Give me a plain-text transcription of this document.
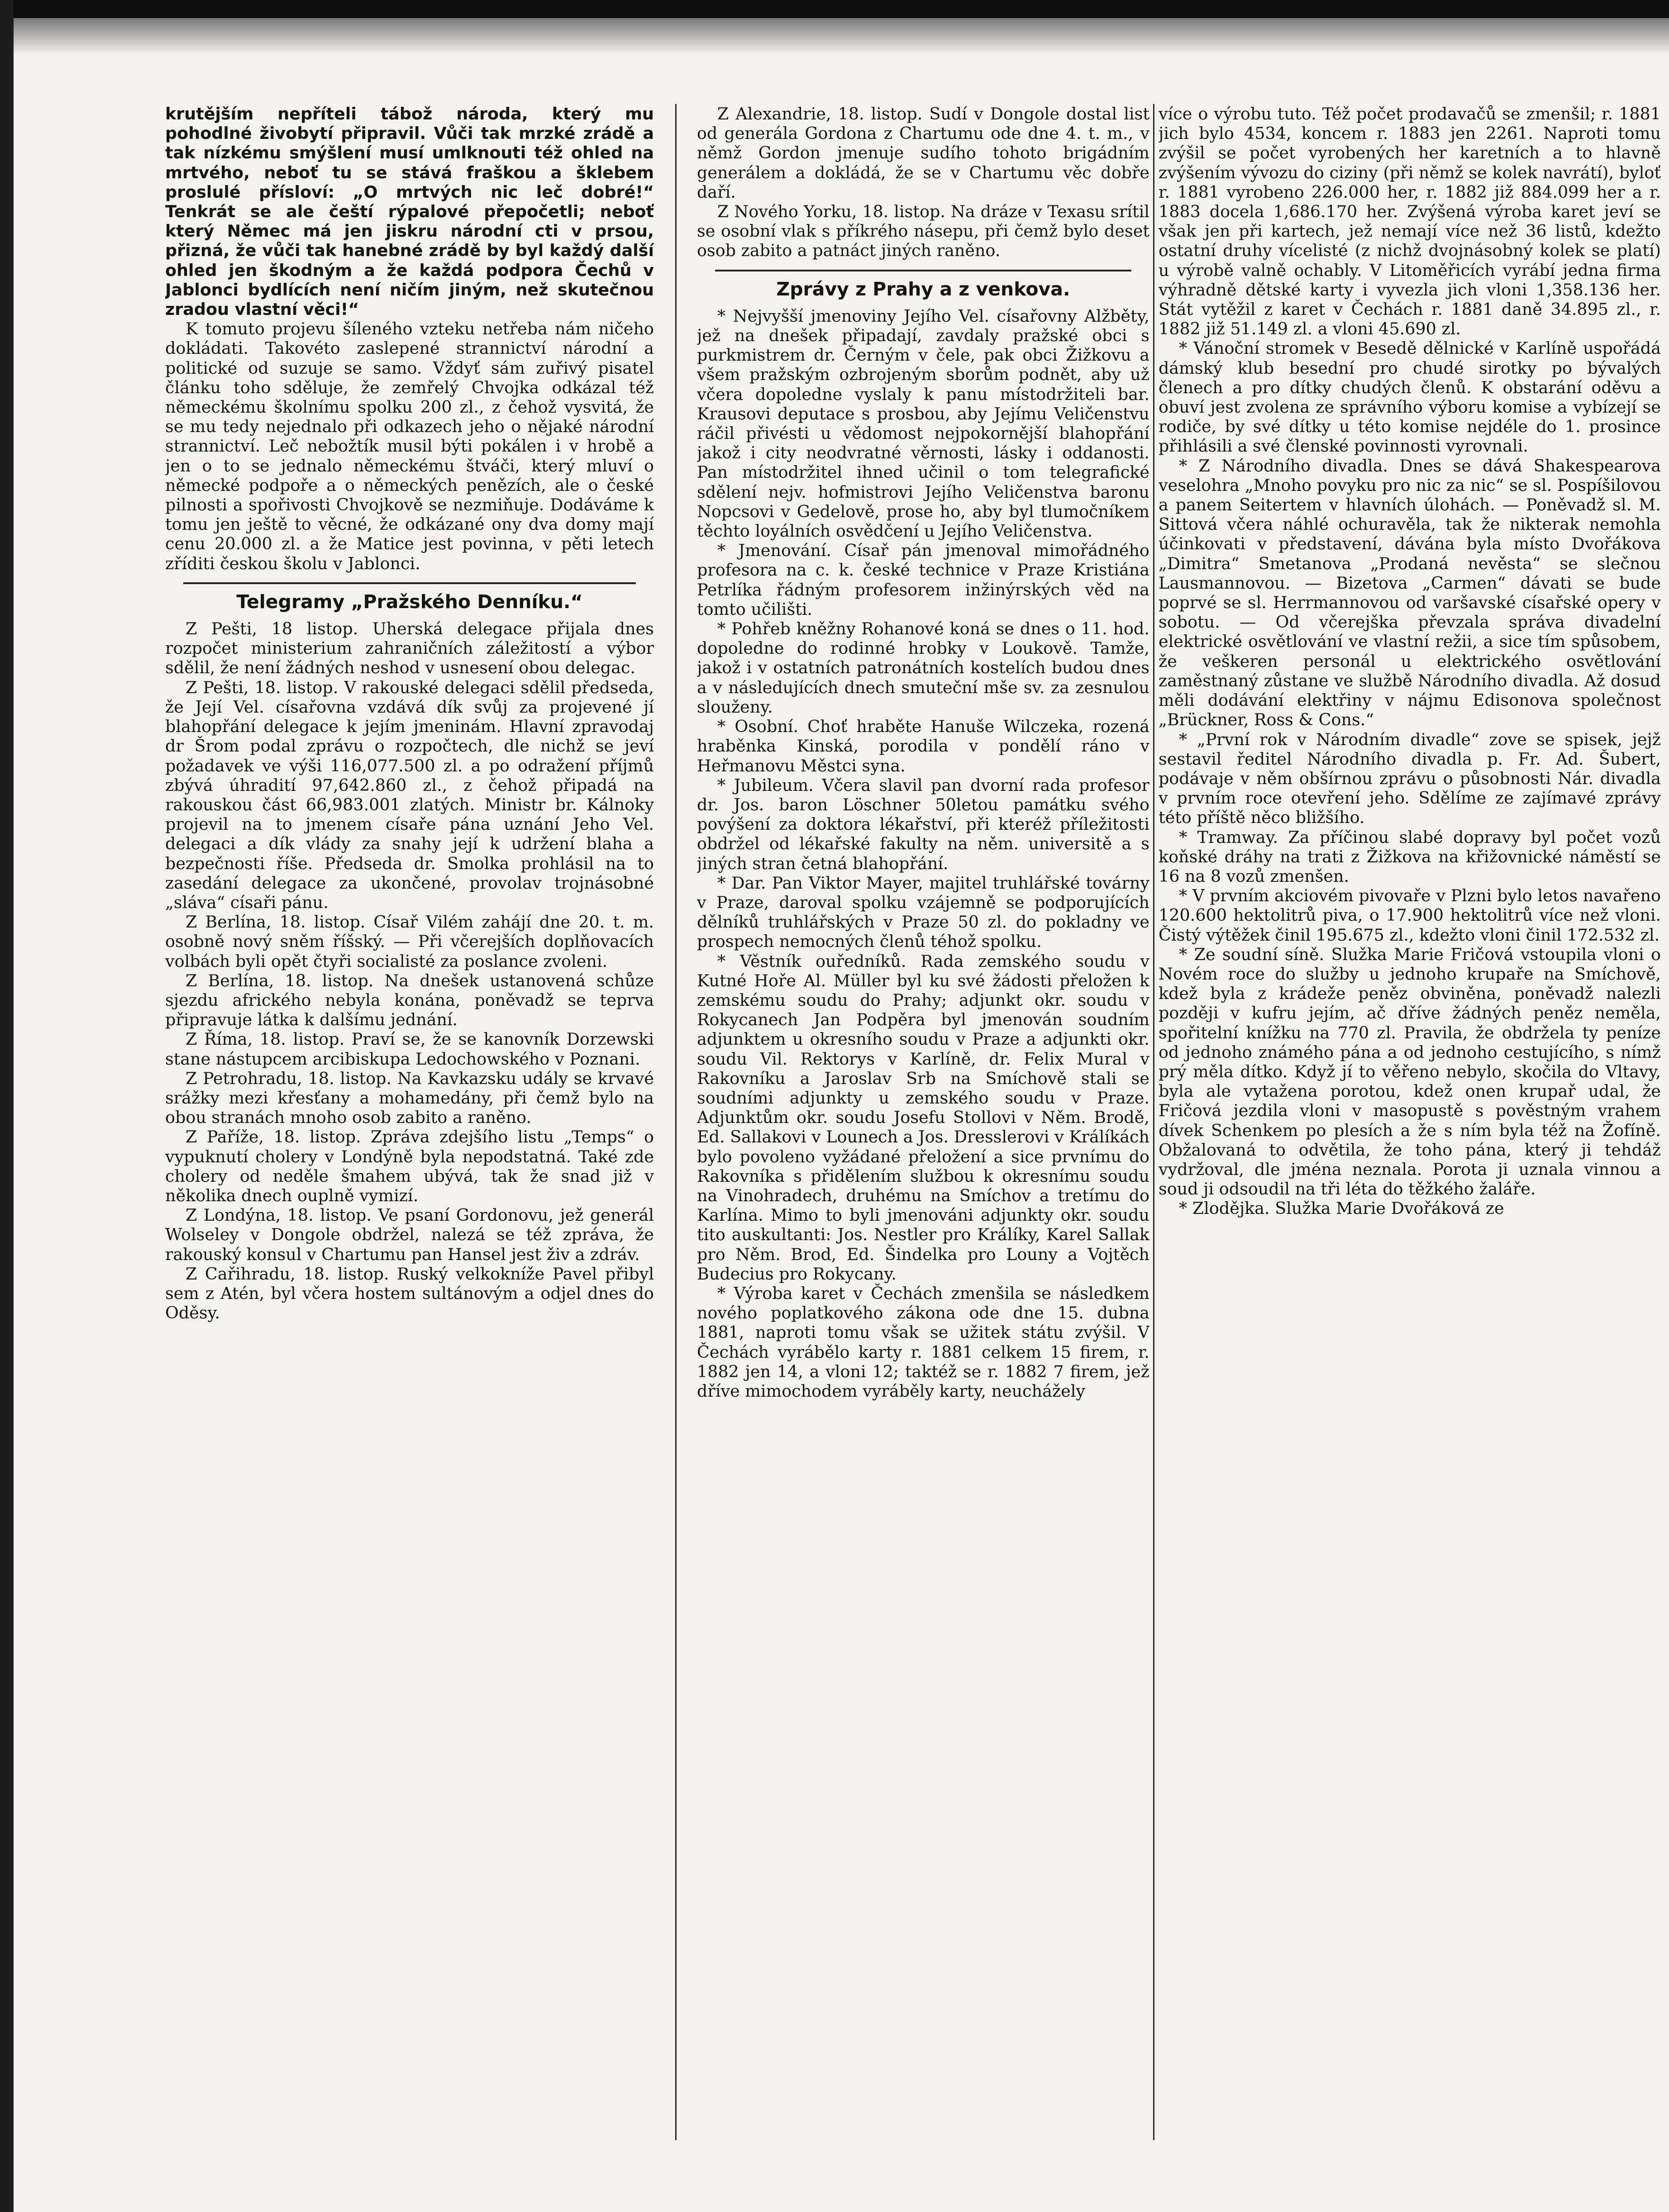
krutějším nepříteli tábož národa, který mu pohodlné živobytí připravil. Vůči tak mrzké zrádě a tak nízkému smýšlení musí umlknouti též ohled na mrtvého, neboť tu se stává fraškou a šklebem proslulé přísloví: „O mrtvých nic leč dobré!“ Tenkrát se ale čeští rýpalové přepočetli; neboť který Němec má jen jiskru národní cti v prsou, přizná, že vůči tak hanebné zrádě by byl každý další ohled jen škodným a že každá podpora Čechů v Jablonci bydlících není ničím jiným, než skutečnou zradou vlastní věci!“

K tomuto projevu šíleného vzteku netřeba nám ničeho dokládati. Takovéto zaslepené strannictví národní a politické od suzuje se samo. Vždyť sám zuřivý pisatel článku toho sděluje, že zemřelý Chvojka odkázal též německému školnímu spolku 200 zl., z čehož vysvitá, že se mu tedy nejednalo při odkazech jeho o nějaké národní strannictví. Leč nebožtík musil býti pokálen i v hrobě a jen o to se jednalo německému štváči, který mluví o německé podpoře a o německých penězích, ale o české pilnosti a spořivosti Chvojkově se nezmiňuje. Dodáváme k tomu jen ještě to věcné, že odkázané ony dva domy mají cenu 20.000 zl. a že Matice jest povinna, v pěti letech zříditi českou školu v Jablonci.

Telegramy „Pražského Denníku.“

Z Pešti, 18 listop. Uherská delegace přijala dnes rozpočet ministerium zahraničních záležitostí a výbor sdělil, že není žádných neshod v usnesení obou delegac.

Z Pešti, 18. listop. V rakouské delegaci sdělil předseda, že Její Vel. císařovna vzdává dík svůj za projevené jí blahopřání delegace k jejím jmeninám. Hlavní zpravodaj dr Šrom podal zprávu o rozpočtech, dle nichž se jeví požadavek ve výši 116,077.500 zl. a po odražení příjmů zbývá úhradití 97,642.860 zl., z čehož připadá na rakouskou část 66,983.001 zlatých. Ministr br. Kálnoky projevil na to jmenem císaře pána uznání Jeho Vel. delegaci a dík vlády za snahy její k udržení blaha a bezpečnosti říše. Předseda dr. Smolka prohlásil na to zasedání delegace za ukončené, provolav trojnásobné „sláva“ císaři pánu.

Z Berlína, 18. listop. Císař Vilém zahájí dne 20. t. m. osobně nový sněm říšský. — Při včerejších doplňovacích volbách byli opět čtyři socialisté za poslance zvoleni.

Z Berlína, 18. listop. Na dnešek ustanovená schůze sjezdu afrického nebyla konána, poněvadž se teprva připravuje látka k dalšímu jednání.

Z Říma, 18. listop. Praví se, že se kanovník Dorzewski stane nástupcem arcibiskupa Ledochowského v Poznani.

Z Petrohradu, 18. listop. Na Kavkazsku udály se krvavé srážky mezi křesťany a mohamedány, při čemž bylo na obou stranách mnoho osob zabito a raněno.

Z Paříže, 18. listop. Zpráva zdejšího listu „Temps“ o vypuknutí cholery v Londýně byla nepodstatná. Také zde cholery od neděle šmahem ubývá, tak že snad již v několika dnech ouplně vymizí.

Z Londýna, 18. listop. Ve psaní Gordonovu, jež generál Wolseley v Dongole obdržel, nalezá se též zpráva, že rakouský konsul v Chartumu pan Hansel jest živ a zdráv.

Z Cařihradu, 18. listop. Ruský velkokníže Pavel přibyl sem z Atén, byl včera hostem sultánovým a odjel dnes do Oděsy.

Z Alexandrie, 18. listop. Sudí v Dongole dostal list od generála Gordona z Chartumu ode dne 4. t. m., v němž Gordon jmenuje sudího tohoto brigádním generálem a dokládá, že se v Chartumu věc dobře daří.

Z Nového Yorku, 18. listop. Na dráze v Texasu srítil se osobní vlak s příkrého násepu, při čemž bylo deset osob zabito a patnáct jiných raněno.

Zprávy z Prahy a z venkova.

* Nejvyšší jmenoviny Jejího Vel. císařovny Alžběty, jež na dnešek připadají, zavdaly pražské obci s purkmistrem dr. Černým v čele, pak obci Žižkovu a všem pražským ozbrojeným sborům podnět, aby už včera dopoledne vyslaly k panu místodržiteli bar. Krausovi deputace s prosbou, aby Jejímu Veličenstvu ráčil přivésti u vědomost nejpokornější blahopřání jakož i city neodvratné věrnosti, lásky i oddanosti. Pan místodržitel ihned učinil o tom telegrafické sdělení nejv. hofmistrovi Jejího Veličenstva baronu Nopcsovi v Gedelově, prose ho, aby byl tlumočníkem těchto loyálních osvědčení u Jejího Veličenstva.

* Jmenování. Císař pán jmenoval mimořádného profesora na c. k. české technice v Praze Kristiána Petrlíka řádným profesorem inžinýrských věd na tomto učilišti.

* Pohřeb kněžny Rohanové koná se dnes o 11. hod. dopoledne do rodinné hrobky v Loukově. Tamže, jakož i v ostatních patronátních kostelích budou dnes a v následujících dnech smuteční mše sv. za zesnulou slouženy.

* Osobní. Choť hraběte Hanuše Wilczeka, rozená hraběnka Kinská, porodila v pondělí ráno v Heřmanovu Městci syna.

* Jubileum. Včera slavil pan dvorní rada profesor dr. Jos. baron Löschner 50letou památku svého povýšení za doktora lékařství, při kteréž příležitosti obdržel od lékařské fakulty na něm. universitě a s jiných stran četná blahopřání.

* Dar. Pan Viktor Mayer, majitel truhlářské továrny v Praze, daroval spolku vzájemně se podporujících dělníků truhlářských v Praze 50 zl. do pokladny ve prospech nemocných členů téhož spolku.

* Věstník ouředníků. Rada zemského soudu v Kutné Hoře Al. Müller byl ku své žádosti přeložen k zemskému soudu do Prahy; adjunkt okr. soudu v Rokycanech Jan Podpěra byl jmenován soudním adjunktem u okresního soudu v Praze a adjunkti okr. soudu Vil. Rektorys v Karlíně, dr. Felix Mural v Rakovníku a Jaroslav Srb na Smíchově stali se soudními adjunkty u zemského soudu v Praze. Adjunktům okr. soudu Josefu Stollovi v Něm. Brodě, Ed. Sallakovi v Lounech a Jos. Dresslerovi v Králíkách bylo povoleno vyžádané přeložení a sice prvnímu do Rakovníka s přidělením službou k okresnímu soudu na Vinohradech, druhému na Smíchov a tretímu do Karlína. Mimo to byli jmenováni adjunkty okr. soudu tito auskultanti: Jos. Nestler pro Králíky, Karel Sallak pro Něm. Brod, Ed. Šindelka pro Louny a Vojtěch Budecius pro Rokycany.

* Výroba karet v Čechách zmenšila se následkem nového poplatkového zákona ode dne 15. dubna 1881, naproti tomu však se užitek státu zvýšil. V Čechách vyrábělo karty r. 1881 celkem 15 firem, r. 1882 jen 14, a vloni 12; taktéž se r. 1882 7 firem, jež dříve mimochodem vyráběly karty, neuchážely

více o výrobu tuto. Též počet prodavačů se zmenšil; r. 1881 jich bylo 4534, koncem r. 1883 jen 2261. Naproti tomu zvýšil se počet vyrobených her karetních a to hlavně zvýšením vývozu do ciziny (při němž se kolek navrátí), byloť r. 1881 vyrobeno 226.000 her, r. 1882 již 884.099 her a r. 1883 docela 1,686.170 her. Zvýšená výroba karet jeví se však jen při kartech, jež nemají více než 36 listů, kdežto ostatní druhy vícelisté (z nichž dvojnásobný kolek se platí) u výrobě valně ochably. V Litoměřicích vyrábí jedna firma výhradně dětské karty i vyvezla jich vloni 1,358.136 her. Stát vytěžil z karet v Čechách r. 1881 daně 34.895 zl., r. 1882 již 51.149 zl. a vloni 45.690 zl.

* Vánoční stromek v Besedě dělnické v Karlíně uspořádá dámský klub besední pro chudé sirotky po bývalých členech a pro dítky chudých členů. K obstarání oděvu a obuví jest zvolena ze správního výboru komise a vybízejí se rodiče, by své dítky u této komise nejdéle do 1. prosince přihlásili a své členské povinnosti vyrovnali.

* Z Národního divadla. Dnes se dává Shakespearova veselohra „Mnoho povyku pro nic za nic“ se sl. Pospíšilovou a panem Seitertem v hlavních úlohách. — Poněvadž sl. M. Sittová včera náhlé ochuravěla, tak že nikterak nemohla účinkovati v představení, dávána byla místo Dvořákova „Dimitra“ Smetanova „Prodaná nevěsta“ se slečnou Lausmannovou. — Bizetova „Carmen“ dávati se bude poprvé se sl. Herrmannovou od varšavské císařské opery v sobotu. — Od včerejška převzala správa divadelní elektrické osvětlování ve vlastní režii, a sice tím spůsobem, že veškeren personál u elektrického osvětlování zaměstnaný zůstane ve službě Národního divadla. Až dosud měli dodávání elektřiny v nájmu Edisonova společnost „Brückner, Ross & Cons.“

* „První rok v Národním divadle“ zove se spisek, jejž sestavil ředitel Národního divadla p. Fr. Ad. Šubert, podávaje v něm obšírnou zprávu o působnosti Nár. divadla v prvním roce otevření jeho. Sdělíme ze zajímavé zprávy této příště něco bližšího.

* Tramway. Za příčinou slabé dopravy byl počet vozů koňské dráhy na trati z Žižkova na křižovnické náměstí se 16 na 8 vozů zmenšen.

* V prvním akciovém pivovaře v Plzni bylo letos navařeno 120.600 hektolitrů piva, o 17.900 hektolitrů více než vloni. Čistý výtěžek činil 195.675 zl., kdežto vloni činil 172.532 zl.

* Ze soudní síně. Služka Marie Fričová vstoupila vloni o Novém roce do služby u jednoho krupaře na Smíchově, kdež byla z krádeže peněz obviněna, poněvadž nalezli později v kufru jejím, ač dříve žádných peněz neměla, spořitelní knížku na 770 zl. Pravila, že obdržela ty peníze od jednoho známého pána a od jednoho cestujícího, s nímž prý měla dítko. Když jí to věřeno nebylo, skočila do Vltavy, byla ale vytažena porotou, kdež onen krupař udal, že Fričová jezdila vloni v masopustě s pověstným vrahem dívek Schenkem po plesích a že s ním byla též na Žofíně. Obžalovaná to odvětila, že toho pána, který ji tehdáž vydržoval, dle jména neznala. Porota ji uznala vinnou a soud ji odsoudil na tři léta do těžkého žaláře.

* Zlodějka. Služka Marie Dvořáková ze
